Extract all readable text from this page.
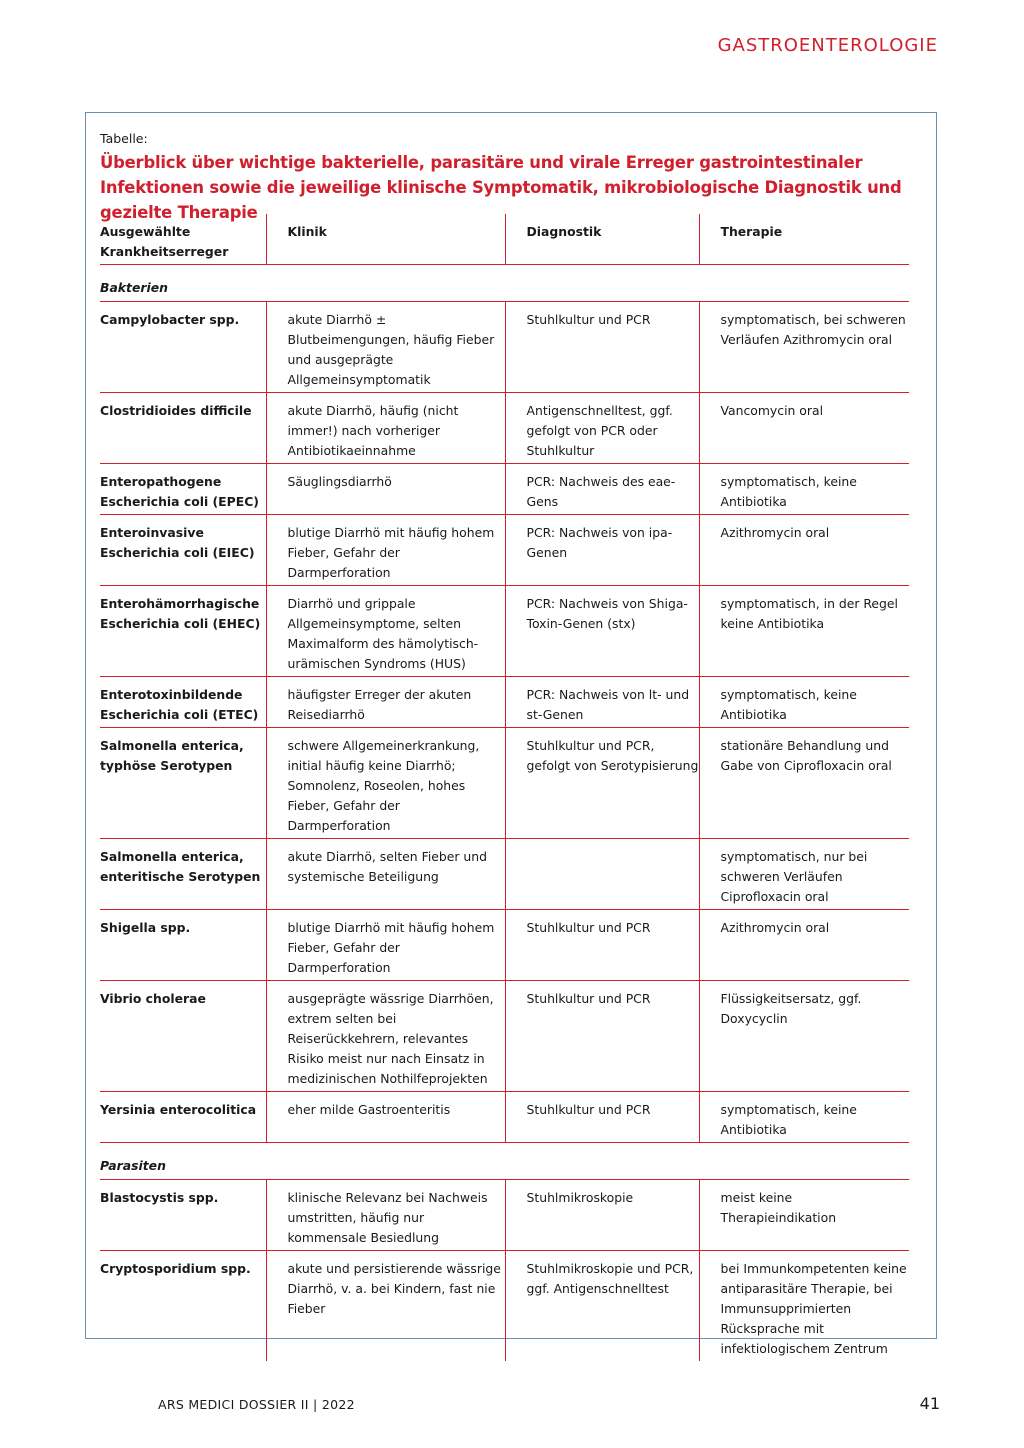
GASTROENTEROLOGIE
Tabelle:
Überblick über wichtige bakterielle, parasitäre und virale Erreger gastrointestinaler Infektionen sowie die jeweilige klinische Symptomatik, mikrobiologische Diagnostik und gezielte Therapie
Ausgewählte Krankheitserreger	Klinik	Diagnostik	Therapie
Bakterien			
Campylobacter spp.	akute Diarrhö ± Blutbeimengungen, häufig Fieber und ausgeprägte Allgemeinsymptomatik	Stuhlkultur und PCR	symptomatisch, bei schweren Verläufen Azithromycin oral
Clostridioides difficile	akute Diarrhö, häufig (nicht immer!) nach vorheriger Antibiotikaeinnahme	Antigenschnelltest, ggf. gefolgt von PCR oder Stuhlkultur	Vancomycin oral
Enteropathogene Escherichia coli (EPEC)	Säuglingsdiarrhö	PCR: Nachweis des eae-Gens	symptomatisch, keine Antibiotika
Enteroinvasive Escherichia coli (EIEC)	blutige Diarrhö mit häufig hohem Fieber, Gefahr der Darmperforation	PCR: Nachweis von ipa-Genen	Azithromycin oral
Enterohämorrhagische Escherichia coli (EHEC)	Diarrhö und grippale Allgemeinsymptome, selten Maximalform des hämolytisch-urämischen Syndroms (HUS)	PCR: Nachweis von Shiga-Toxin-Genen (stx)	symptomatisch, in der Regel keine Antibiotika
Enterotoxinbildende Escherichia coli (ETEC)	häufigster Erreger der akuten Reisediarrhö	PCR: Nachweis von lt- und st-Genen	symptomatisch, keine Antibiotika
Salmonella enterica, typhöse Serotypen	schwere Allgemeinerkrankung, initial häufig keine Diarrhö; Somnolenz, Roseolen, hohes Fieber, Gefahr der Darmperforation	Stuhlkultur und PCR, gefolgt von Serotypisierung	stationäre Behandlung und Gabe von Ciprofloxacin oral
Salmonella enterica, enteritische Serotypen	akute Diarrhö, selten Fieber und systemische Beteiligung		symptomatisch, nur bei schweren Verläufen Ciprofloxacin oral
Shigella spp.	blutige Diarrhö mit häufig hohem Fieber, Gefahr der Darmperforation	Stuhlkultur und PCR	Azithromycin oral
Vibrio cholerae	ausgeprägte wässrige Diarrhöen, extrem selten bei Reiserückkehrern, relevantes Risiko meist nur nach Einsatz in medizinischen Nothilfeprojekten	Stuhlkultur und PCR	Flüssigkeitsersatz, ggf. Doxycyclin
Yersinia enterocolitica	eher milde Gastroenteritis	Stuhlkultur und PCR	symptomatisch, keine Antibiotika
Parasiten			
Blastocystis spp.	klinische Relevanz bei Nachweis umstritten, häufig nur kommensale Besiedlung	Stuhlmikroskopie	meist keine Therapieindikation
Cryptosporidium spp.	akute und persistierende wässrige Diarrhö, v. a. bei Kindern, fast nie Fieber	Stuhlmikroskopie und PCR, ggf. Antigenschnelltest	bei Immunkompetenten keine antiparasitäre Therapie, bei Immunsupprimierten Rücksprache mit infektiologischem Zentrum
ARS MEDICI DOSSIER II | 2022	41
